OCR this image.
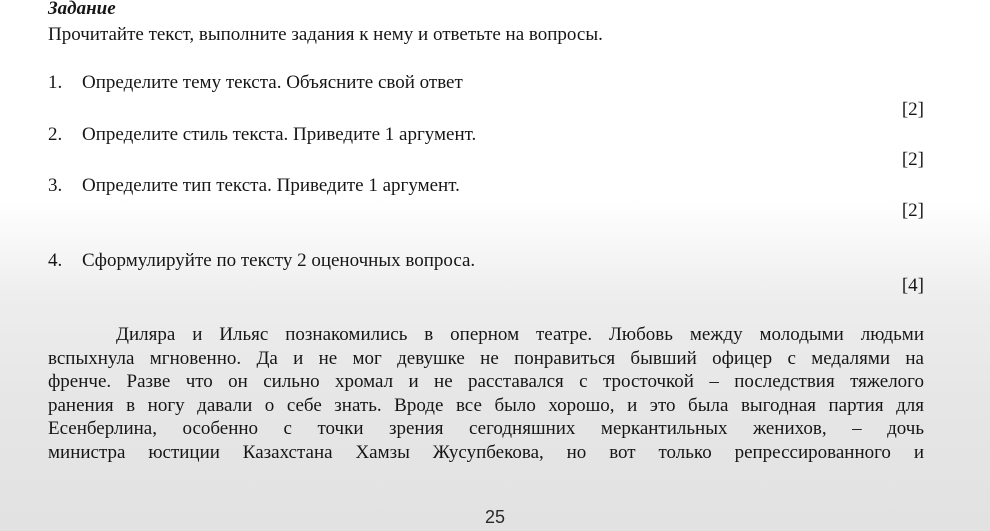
Задание
Прочитайте текст, выполните задания к нему и ответьте на вопросы.
1. Определите тему текста. Объясните свой ответ
[2]
2. Определите стиль текста. Приведите 1 аргумент.
[2]
3. Определите тип текста. Приведите 1 аргумент.
[2]
4. Сформулируйте по тексту 2 оценочных вопроса.
[4]
Диляра и Ильяс познакомились в оперном театре. Любовь между молодыми людьми
вспыхнула мгновенно. Да и не мог девушке не понравиться бывший офицер с медалями на
френче. Разве что он сильно хромал и не расставался с тросточкой – последствия тяжелого
ранения в ногу давали о себе знать. Вроде все было хорошо, и это была выгодная партия для
Есенберлина, особенно с точки зрения сегодняшних меркантильных женихов, – дочь
министра юстиции Казахстана Хамзы Жусупбекова, но вот только репрессированного и
25
